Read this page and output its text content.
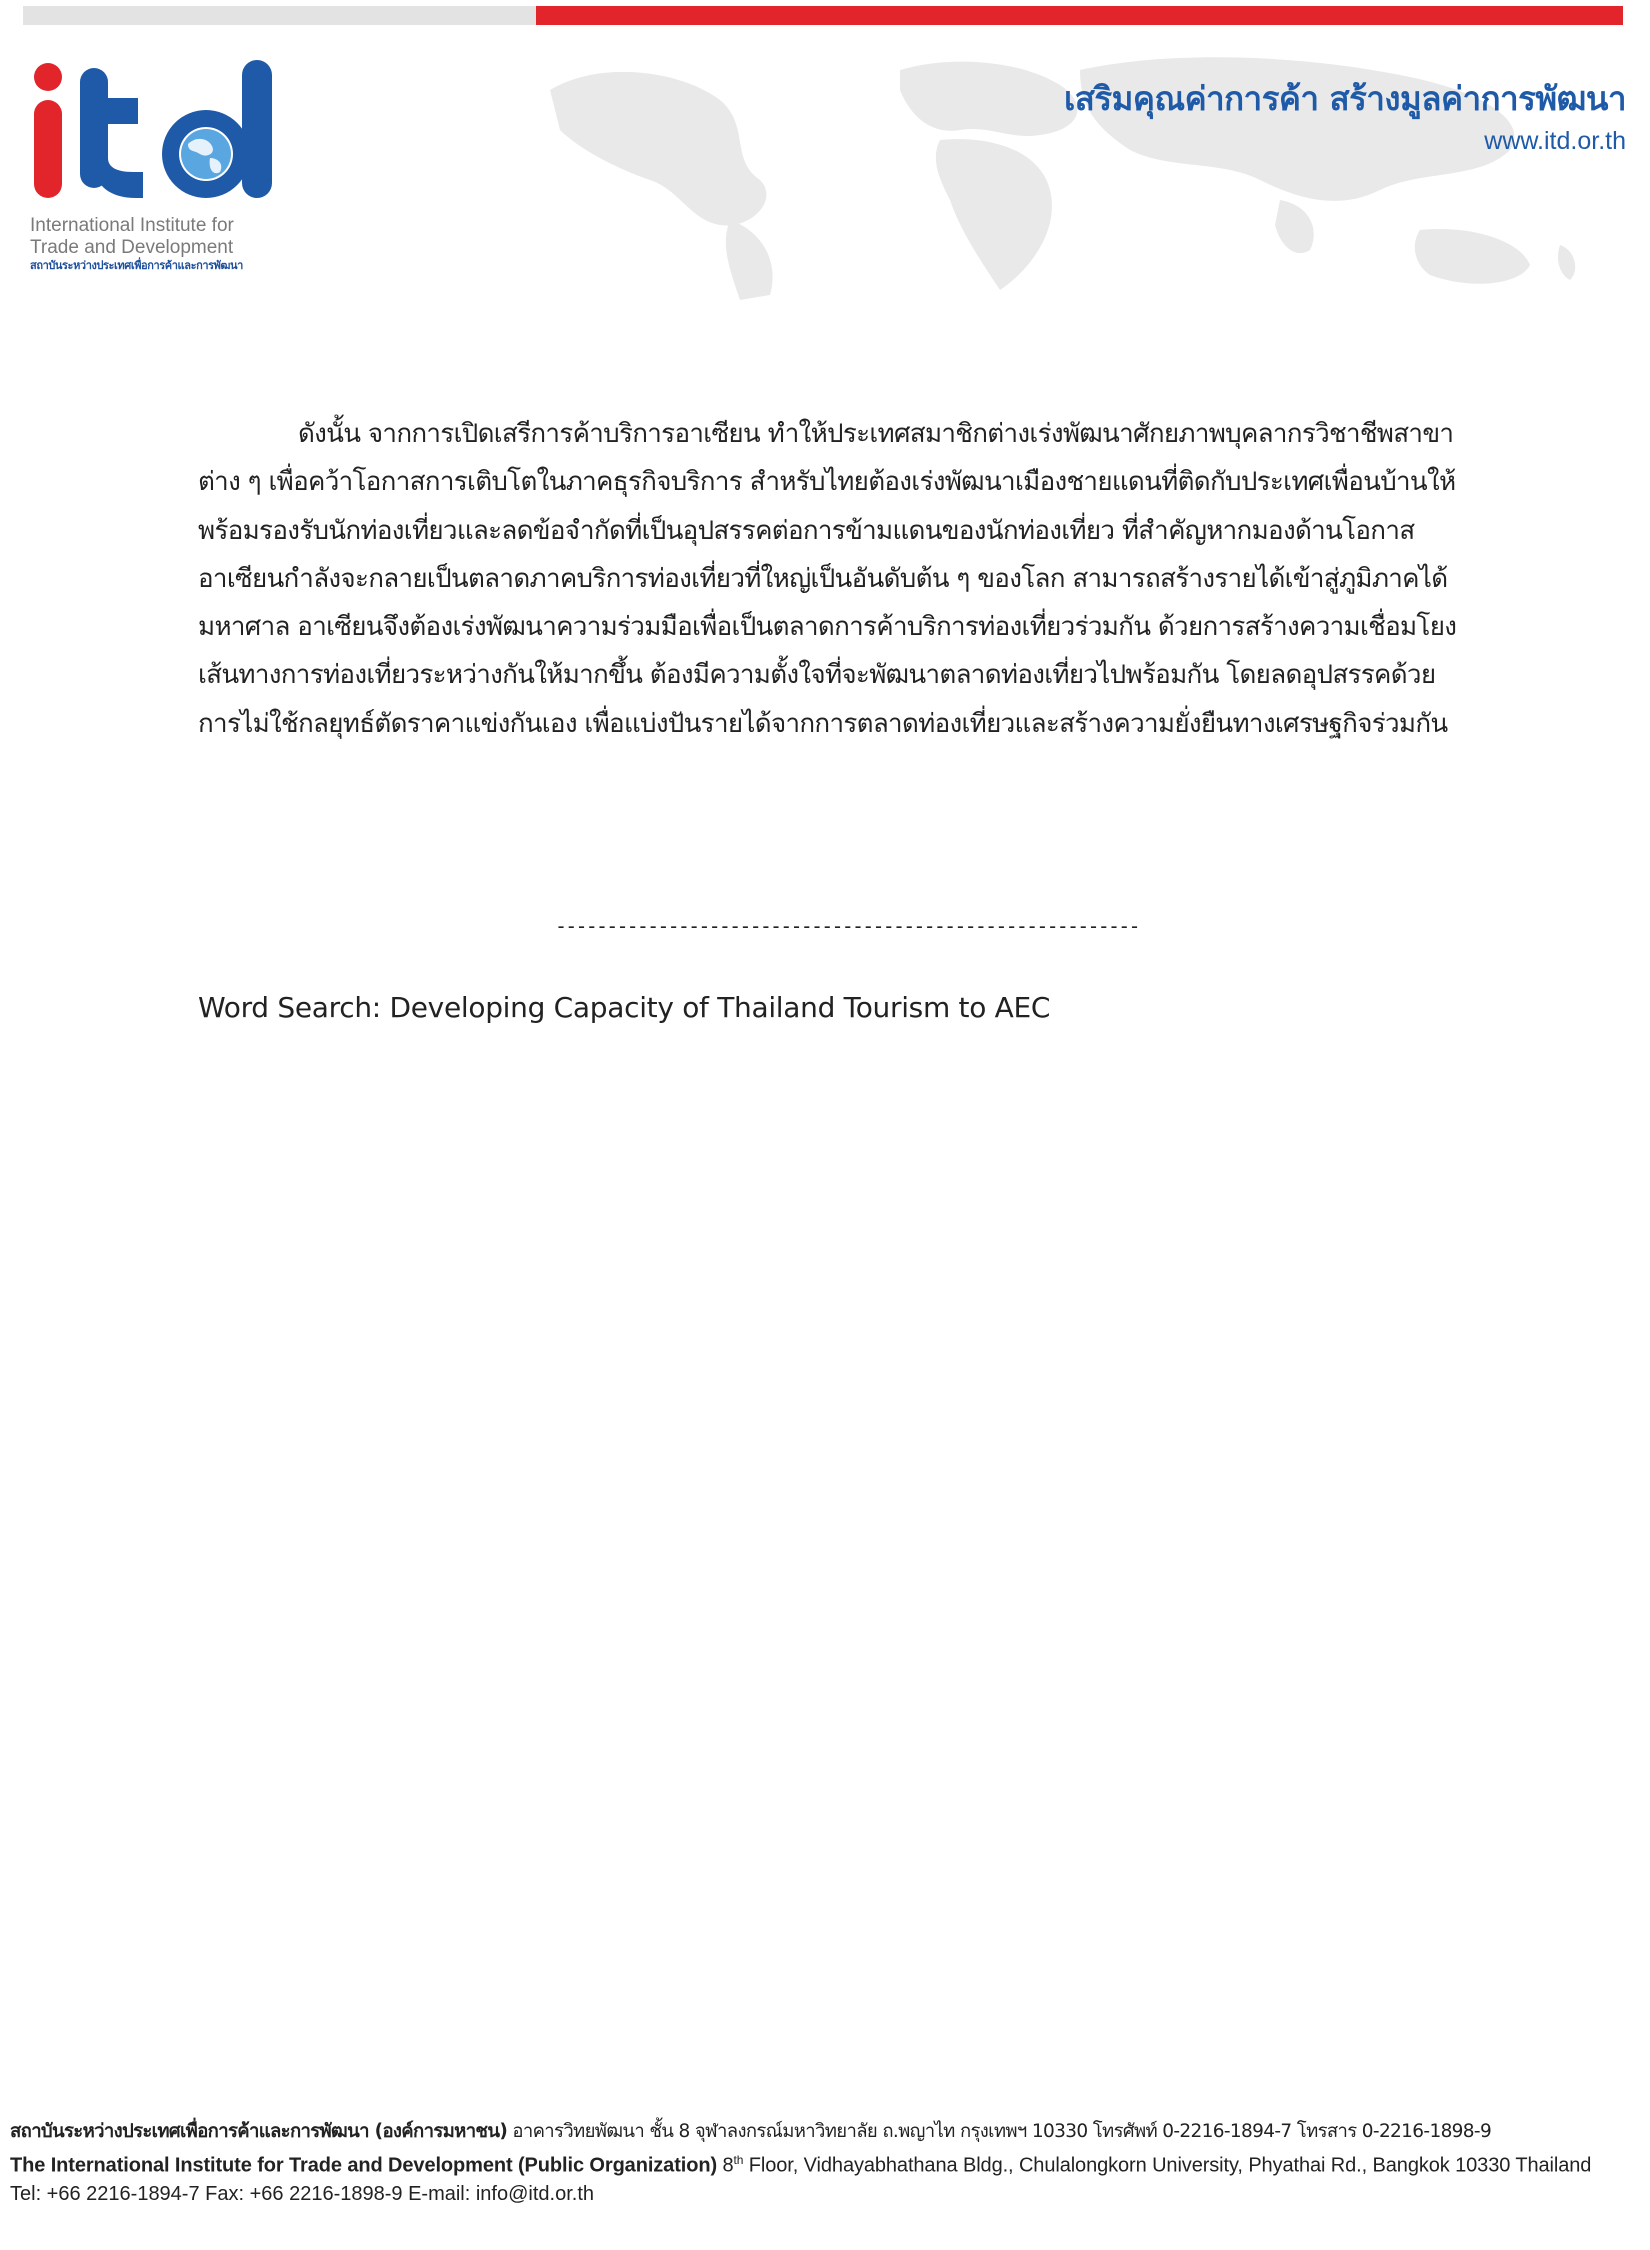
International Institute for
Trade and Development
สถาบันระหว่างประเทศเพื่อการค้าและการพัฒนา
เสริมคุณค่าการค้า สร้างมูลค่าการพัฒนา
www.itd.or.th

ดังนั้น จากการเปิดเสรีการค้าบริการอาเซียน ทำให้ประเทศสมาชิกต่างเร่งพัฒนาศักยภาพบุคลากรวิชาชีพสาขาต่าง ๆ เพื่อคว้าโอกาสการเติบโตในภาคธุรกิจบริการ สำหรับไทยต้องเร่งพัฒนาเมืองชายแดนที่ติดกับประเทศเพื่อนบ้านให้พร้อมรองรับนักท่องเที่ยวและลดข้อจำกัดที่เป็นอุปสรรคต่อการข้ามแดนของนักท่องเที่ยว ที่สำคัญหากมองด้านโอกาส อาเซียนกำลังจะกลายเป็นตลาดภาคบริการท่องเที่ยวที่ใหญ่เป็นอันดับต้น ๆ ของโลก สามารถสร้างรายได้เข้าสู่ภูมิภาคได้มหาศาล อาเซียนจึงต้องเร่งพัฒนาความร่วมมือเพื่อเป็นตลาดการค้าบริการท่องเที่ยวร่วมกัน ด้วยการสร้างความเชื่อมโยงเส้นทางการท่องเที่ยวระหว่างกันให้มากขึ้น ต้องมีความตั้งใจที่จะพัฒนาตลาดท่องเที่ยวไปพร้อมกัน โดยลดอุปสรรคด้วยการไม่ใช้กลยุทธ์ตัดราคาแข่งกันเอง เพื่อแบ่งปันรายได้จากการตลาดท่องเที่ยวและสร้างความยั่งยืนทางเศรษฐกิจร่วมกัน

---------------------------------------------------------
Word Search: Developing Capacity of Thailand Tourism to AEC
สถาบันระหว่างประเทศเพื่อการค้าและการพัฒนา (องค์การมหาชน) อาคารวิทยพัฒนา ชั้น 8 จุฬาลงกรณ์มหาวิทยาลัย ถ.พญาไท กรุงเทพฯ 10330 โทรศัพท์ 0-2216-1894-7 โทรสาร 0-2216-1898-9
The International Institute for Trade and Development (Public Organization) 8th Floor, Vidhayabhathana Bldg., Chulalongkorn University, Phyathai Rd., Bangkok 10330 Thailand
Tel: +66 2216-1894-7 Fax: +66 2216-1898-9 E-mail: info@itd.or.th
